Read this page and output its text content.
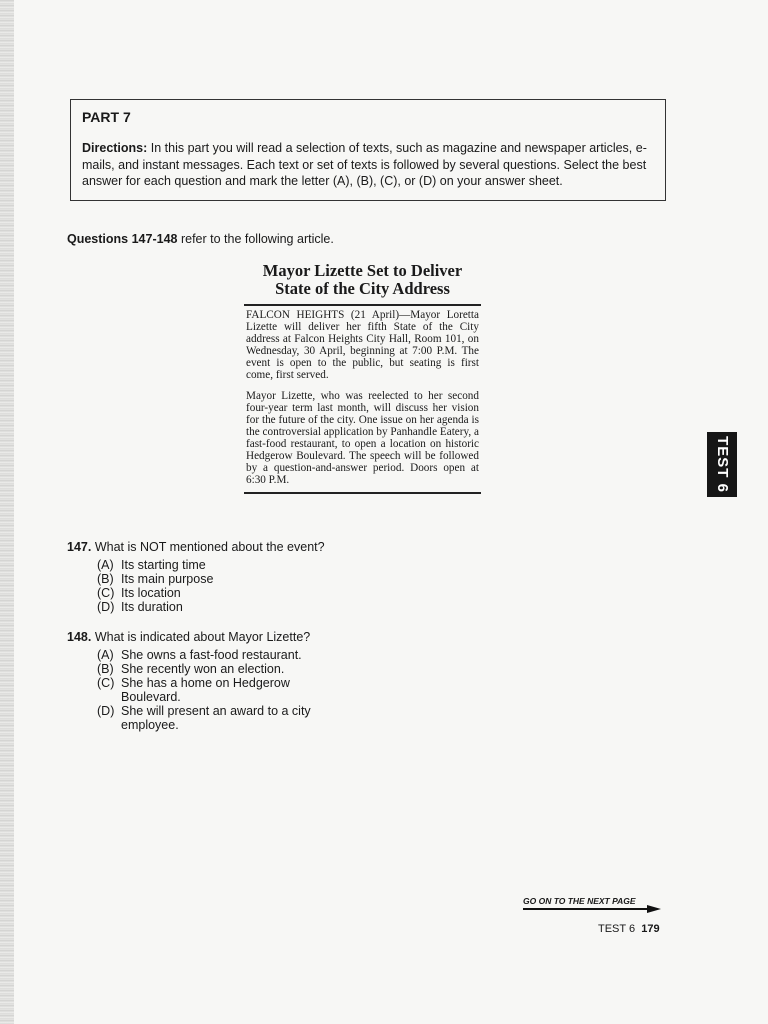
PART 7
Directions: In this part you will read a selection of texts, such as magazine and newspaper articles, e-mails, and instant messages. Each text or set of texts is followed by several questions. Select the best answer for each question and mark the letter (A), (B), (C), or (D) on your answer sheet.
Questions 147-148 refer to the following article.
Mayor Lizette Set to Deliver
State of the City Address
FALCON HEIGHTS (21 April)—Mayor Loretta Lizette will deliver her fifth State of the City address at Falcon Heights City Hall, Room 101, on Wednesday, 30 April, beginning at 7:00 P.M. The event is open to the public, but seating is first come, first served.
Mayor Lizette, who was reelected to her second four-year term last month, will discuss her vision for the future of the city. One issue on her agenda is the controversial application by Panhandle Eatery, a fast-food restaurant, to open a location on historic Hedgerow Boulevard. The speech will be followed by a question-and-answer period. Doors open at 6:30 P.M.	TEST 6
147. What is NOT mentioned about the event?
(A) Its starting time
(B) Its main purpose
(C) Its location
(D) Its duration
148. What is indicated about Mayor Lizette?
(A) She owns a fast-food restaurant.
(B) She recently won an election.
(C) She has a home on Hedgerow Boulevard.
(D) She will present an award to a city employee.
GO ON TO THE NEXT PAGE
TEST 6 179
